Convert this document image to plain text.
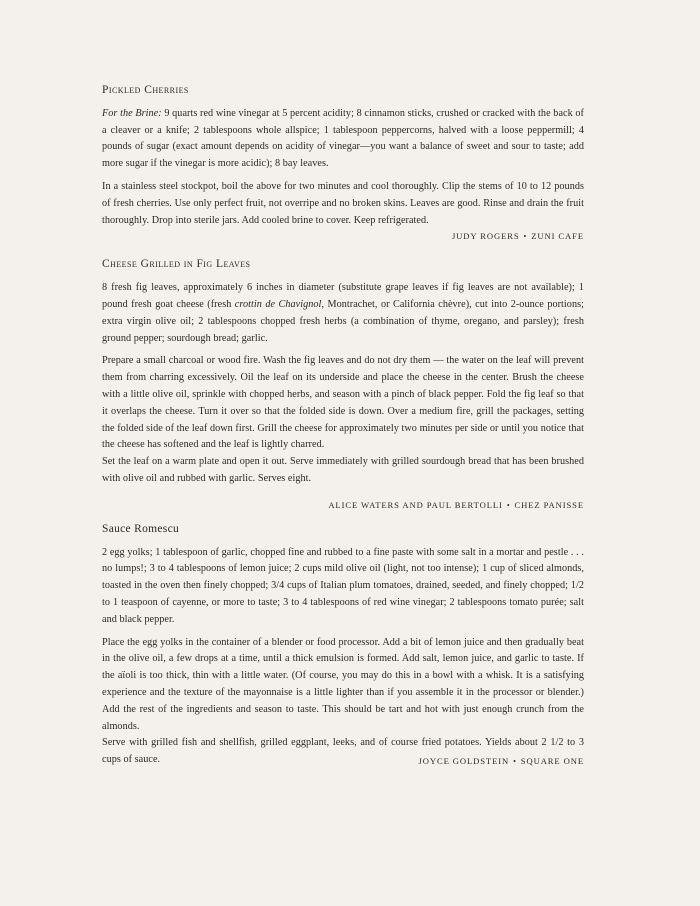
Pickled Cherries

For the Brine: 9 quarts red wine vinegar at 5 percent acidity; 8 cinnamon sticks, crushed or cracked with the back of a cleaver or a knife; 2 tablespoons whole allspice; 1 tablespoon peppercorns, halved with a loose peppermill; 4 pounds of sugar (exact amount depends on acidity of vinegar—you want a balance of sweet and sour to taste; add more sugar if the vinegar is more acidic); 8 bay leaves.

In a stainless steel stockpot, boil the above for two minutes and cool thoroughly. Clip the stems of 10 to 12 pounds of fresh cherries. Use only perfect fruit, not overripe and no broken skins. Leaves are good. Rinse and drain the fruit thoroughly. Drop into sterile jars. Add cooled brine to cover. Keep refrigerated.

JUDY ROGERS • ZUNI CAFE

Cheese Grilled in Fig Leaves

8 fresh fig leaves, approximately 6 inches in diameter (substitute grape leaves if fig leaves are not available); 1 pound fresh goat cheese (fresh crottin de Chavignol, Montrachet, or California chèvre), cut into 2-ounce portions; extra virgin olive oil; 2 tablespoons chopped fresh herbs (a combination of thyme, oregano, and parsley); fresh ground pepper; sourdough bread; garlic.

Prepare a small charcoal or wood fire. Wash the fig leaves and do not dry them — the water on the leaf will prevent them from charring excessively. Oil the leaf on its underside and place the cheese in the center. Brush the cheese with a little olive oil, sprinkle with chopped herbs, and season with a pinch of black pepper. Fold the fig leaf so that it overlaps the cheese. Turn it over so that the folded side is down. Over a medium fire, grill the packages, setting the folded side of the leaf down first. Grill the cheese for approximately two minutes per side or until you notice that the cheese has softened and the leaf is lightly charred.

Set the leaf on a warm plate and open it out. Serve immediately with grilled sourdough bread that has been brushed with olive oil and rubbed with garlic. Serves eight.

ALICE WATERS AND PAUL BERTOLLI • CHEZ PANISSE

Sauce Romescu

2 egg yolks; 1 tablespoon of garlic, chopped fine and rubbed to a fine paste with some salt in a mortar and pestle . . . no lumps!; 3 to 4 tablespoons of lemon juice; 2 cups mild olive oil (light, not too intense); 1 cup of sliced almonds, toasted in the oven then finely chopped; 3/4 cups of Italian plum tomatoes, drained, seeded, and finely chopped; 1/2 to 1 teaspoon of cayenne, or more to taste; 3 to 4 tablespoons of red wine vinegar; 2 tablespoons tomato purée; salt and black pepper.

Place the egg yolks in the container of a blender or food processor. Add a bit of lemon juice and then gradually beat in the olive oil, a few drops at a time, until a thick emulsion is formed. Add salt, lemon juice, and garlic to taste. If the aïoli is too thick, thin with a little water. (Of course, you may do this in a bowl with a whisk. It is a satisfying experience and the texture of the mayonnaise is a little lighter than if you assemble it in the processor or blender.) Add the rest of the ingredients and season to taste. This should be tart and hot with just enough crunch from the almonds.

Serve with grilled fish and shellfish, grilled eggplant, leeks, and of course fried potatoes. Yields about 2 1/2 to 3 cups of sauce.	JOYCE GOLDSTEIN • SQUARE ONE
